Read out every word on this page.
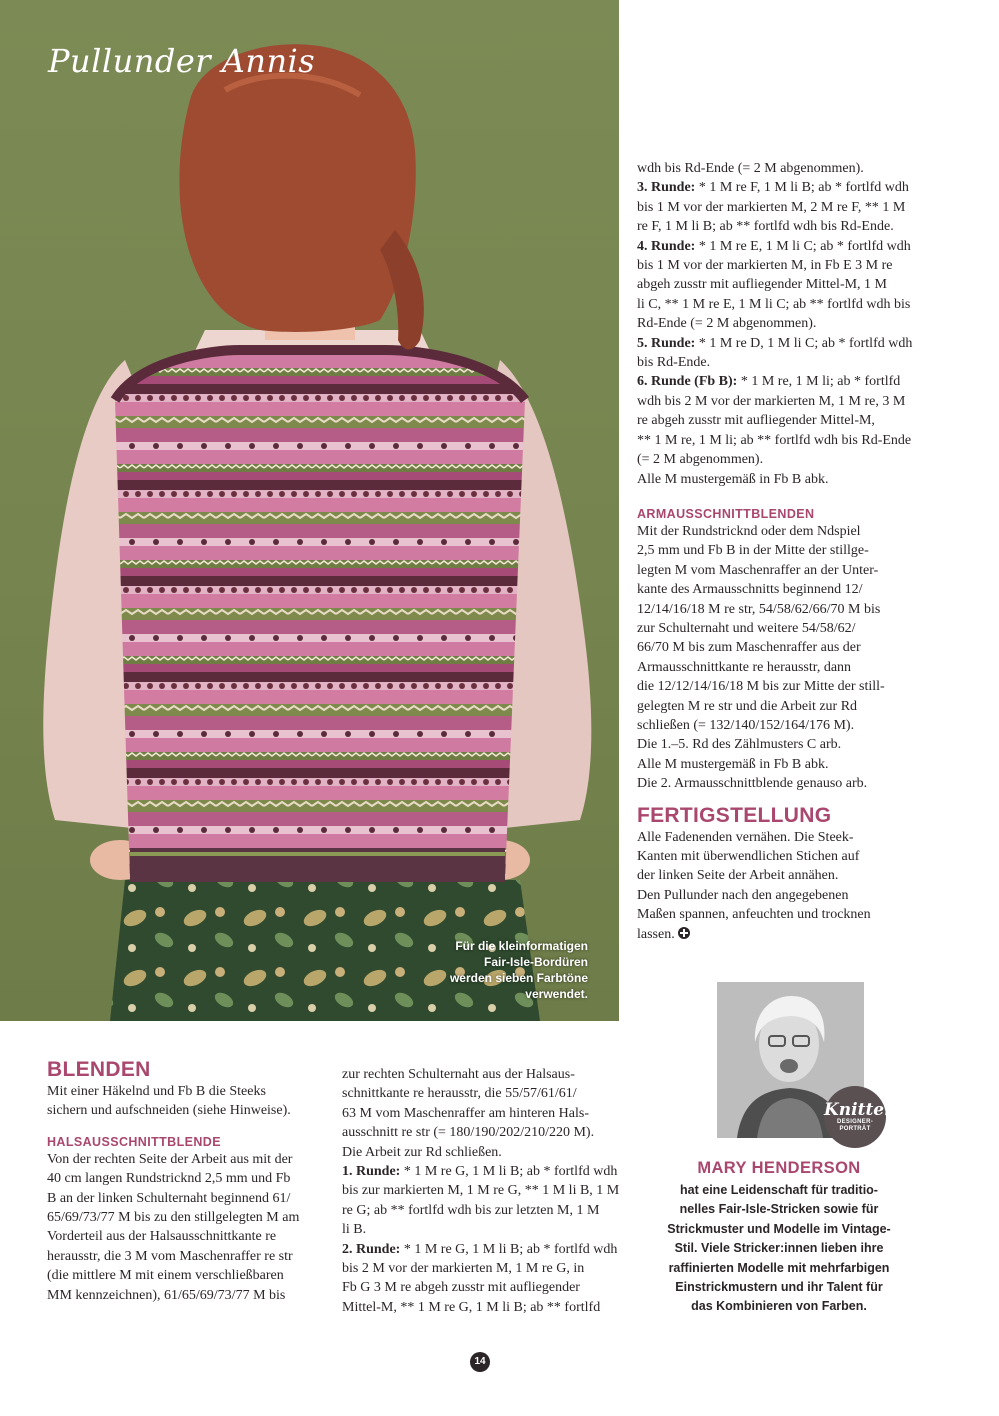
Pullunder Annis
Für die kleinformatigen
Fair-Isle-Bordüren
werden sieben Farbtöne
verwendet.

wdh bis Rd-Ende (= 2 M abgenommen).

3. Runde: * 1 M re F, 1 M li B; ab * fortlfd wdh

bis 1 M vor der markierten M, 2 M re F, ** 1 M

re F, 1 M li B; ab ** fortlfd wdh bis Rd-Ende.

4. Runde: * 1 M re E, 1 M li C; ab * fortlfd wdh

bis 1 M vor der markierten M, in Fb E 3 M re

abgeh zusstr mit aufliegender Mittel-M, 1 M

li C, ** 1 M re E, 1 M li C; ab ** fortlfd wdh bis

Rd-Ende (= 2 M abgenommen).

5. Runde: * 1 M re D, 1 M li C; ab * fortlfd wdh

bis Rd-Ende.

6. Runde (Fb B): * 1 M re, 1 M li; ab * fortlfd

wdh bis 2 M vor der markierten M, 1 M re, 3 M

re abgeh zusstr mit aufliegender Mittel-M,

** 1 M re, 1 M li; ab ** fortlfd wdh bis Rd-Ende

(= 2 M abgenommen).

Alle M mustergemäß in Fb B abk.

ARMAUSSCHNITTBLENDEN

Mit der Rundstricknd oder dem Ndspiel

2,5 mm und Fb B in der Mitte der stillge-

legten M vom Maschenraffer an der Unter-

kante des Armausschnitts beginnend 12/

12/14/16/18 M re str, 54/58/62/66/70 M bis

zur Schulternaht und weitere 54/58/62/

66/70 M bis zum Maschenraffer aus der

Armausschnittkante re herausstr, dann

die 12/12/14/16/18 M bis zur Mitte der still-

gelegten M re str und die Arbeit zur Rd

schließen (= 132/140/152/164/176 M).

Die 1.–5. Rd des Zählmusters C arb.

Alle M mustergemäß in Fb B abk.

Die 2. Armausschnittblende genauso arb.

FERTIGSTELLUNG

Alle Fadenenden vernähen. Die Steek-

Kanten mit überwendlichen Stichen auf

der linken Seite der Arbeit annähen.

Den Pullunder nach den angegebenen

Maßen spannen, anfeuchten und trocknen

lassen.

BLENDEN

Mit einer Häkelnd und Fb B die Steeks

sichern und aufschneiden (siehe Hinweise).

HALSAUSSCHNITTBLENDE

Von der rechten Seite der Arbeit aus mit der

40 cm langen Rundstricknd 2,5 mm und Fb

B an der linken Schulternaht beginnend 61/

65/69/73/77 M bis zu den stillgelegten M am

Vorderteil aus der Halsausschnittkante re

herausstr, die 3 M vom Maschenraffer re str

(die mittlere M mit einem verschließbaren

MM kennzeichnen), 61/65/69/73/77 M bis

zur rechten Schulternaht aus der Halsaus-

schnittkante re herausstr, die 55/57/61/61/

63 M vom Maschenraffer am hinteren Hals-

ausschnitt re str (= 180/190/202/210/220 M).

Die Arbeit zur Rd schließen.

1. Runde: * 1 M re G, 1 M li B; ab * fortlfd wdh

bis zur markierten M, 1 M re G, ** 1 M li B, 1 M

re G; ab ** fortlfd wdh bis zur letzten M, 1 M

li B.

2. Runde: * 1 M re G, 1 M li B; ab * fortlfd wdh

bis 2 M vor der markierten M, 1 M re G, in

Fb G 3 M re abgeh zusstr mit aufliegender

Mittel-M, ** 1 M re G, 1 M li B; ab ** fortlfd

Knitter
DESIGNER-
PORTRÄT
MARY HENDERSON
hat eine Leidenschaft für traditio-
nelles Fair-Isle-Stricken sowie für
Strickmuster und Modelle im Vintage-
Stil. Viele Stricker:innen lieben ihre
raffinierten Modelle mit mehrfarbigen
Einstrickmustern und ihr Talent für
das Kombinieren von Farben.
14
